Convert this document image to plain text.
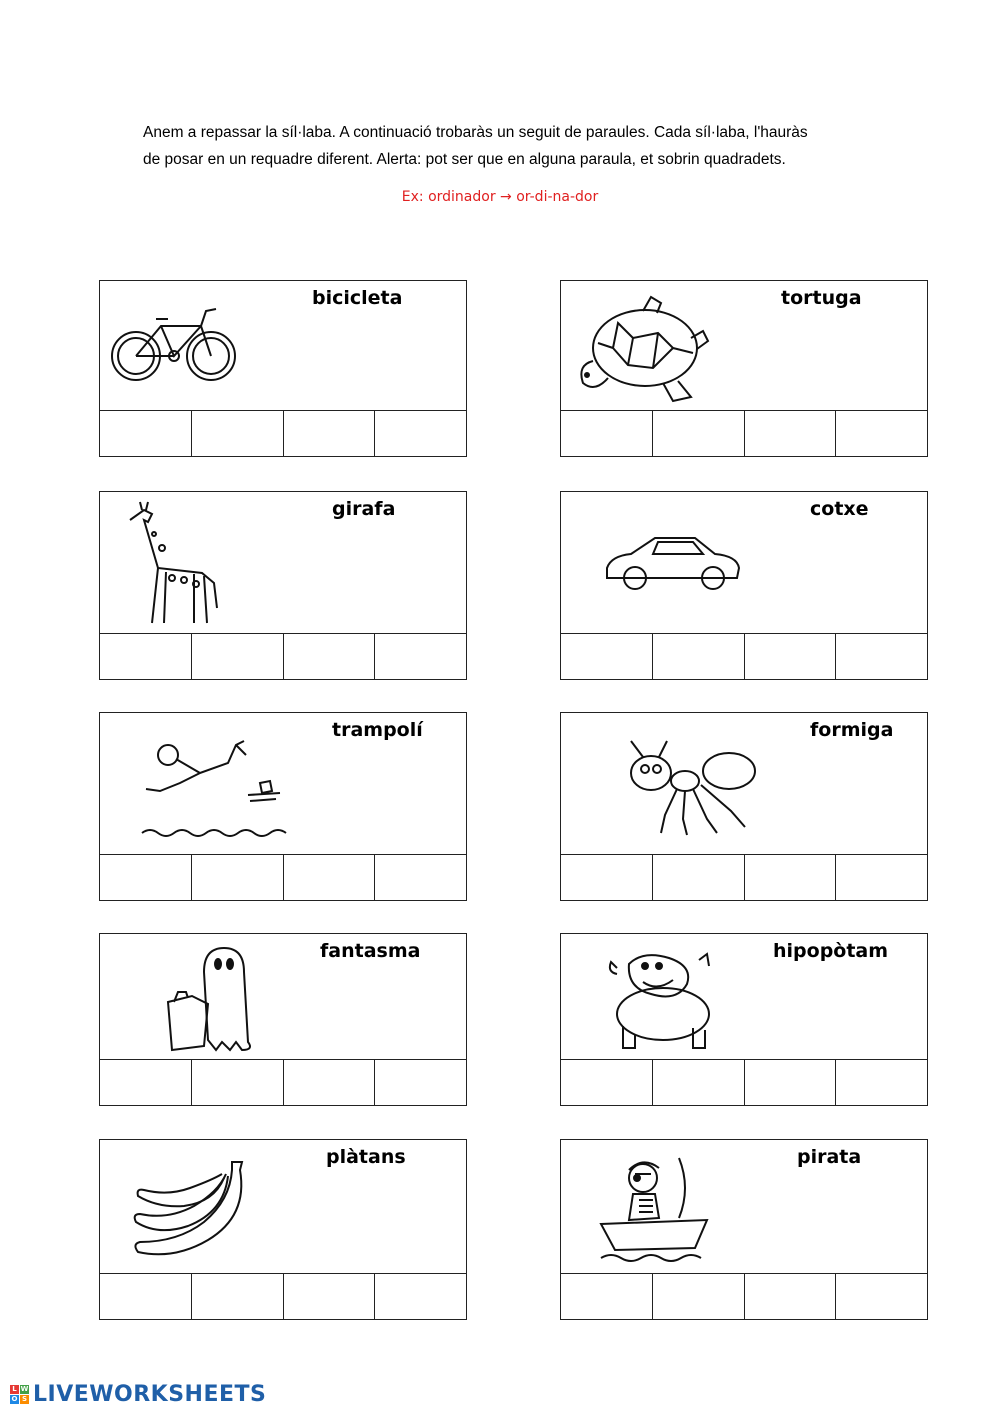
Anem a repassar la síl·laba. A continuació trobaràs un seguit de paraules. Cada síl·laba, l'hauràs

de posar en un requadre diferent. Alerta: pot ser que en alguna paraula, et sobrin quadradets.

Ex: ordinador → or-di-na-dor
bicicleta	tortuga
girafa	cotxe
trampolí	formiga
fantasma	hipopòtam
plàtans	pirata
L W
O S LIVEWORKSHEETS
